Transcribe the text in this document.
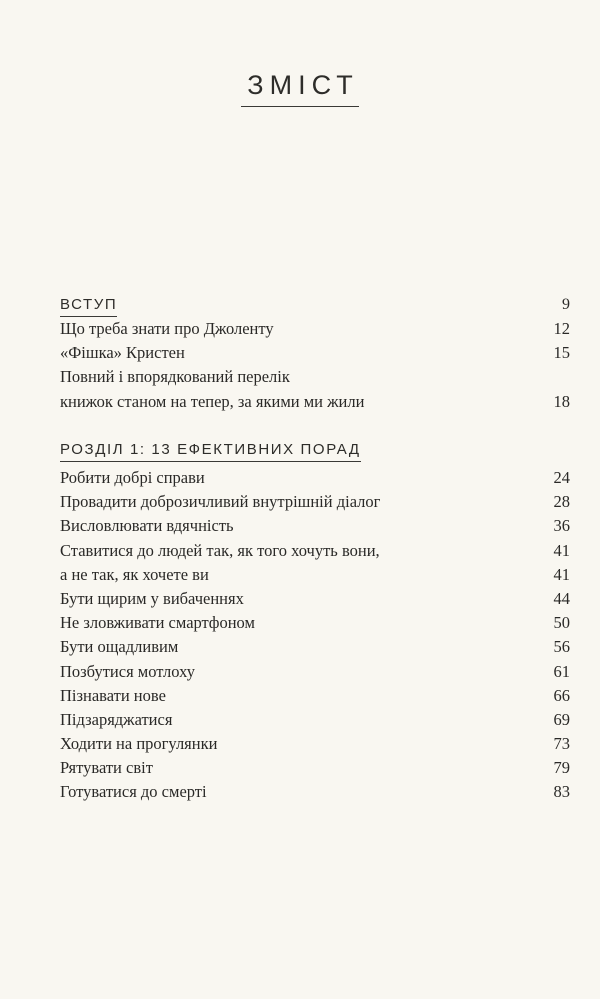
ЗМІСТ
ВСТУП	9
Що треба знати про Джоленту	12
«Фішка» Кристен	15
Повний і впорядкований перелік
книжок станом на тепер, за якими ми жили	18
РОЗДІЛ 1: 13 ЕФЕКТИВНИХ ПОРАД
Робити добрі справи	24
Провадити доброзичливий внутрішній діалог	28
Висловлювати вдячність	36
Ставитися до людей так, як того хочуть вони,	41
а не так, як хочете ви	41
Бути щирим у вибаченнях	44
Не зловживати смартфоном	50
Бути ощадливим	56
Позбутися мотлоху	61
Пізнавати нове	66
Підзаряджатися	69
Ходити на прогулянки	73
Рятувати світ	79
Готуватися до смерті	83
